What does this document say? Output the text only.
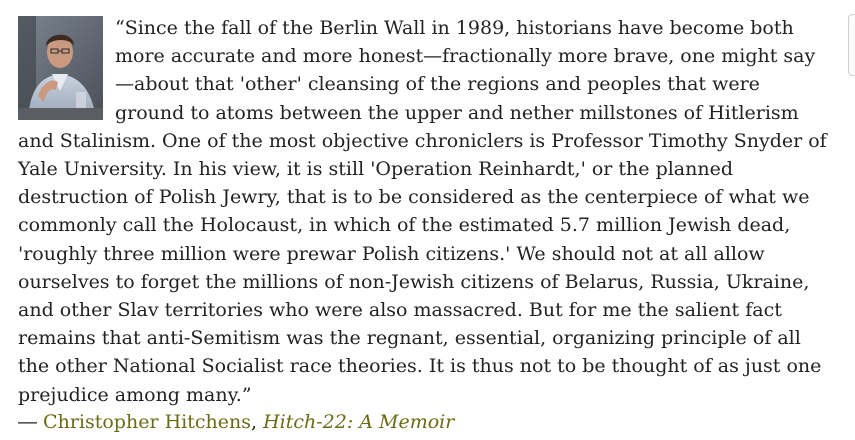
“Since the fall of the Berlin Wall in 1989, historians have become both more accurate and more honest—fractionally more brave, one might say—about that 'other' cleansing of the regions and peoples that were ground to atoms between the upper and nether millstones of Hitlerism and Stalinism. One of the most objective chroniclers is Professor Timothy Snyder of Yale University. In his view, it is still 'Operation Reinhardt,' or the planned destruction of Polish Jewry, that is to be considered as the centerpiece of what we commonly call the Holocaust, in which of the estimated 5.7 million Jewish dead, 'roughly three million were prewar Polish citizens.' We should not at all allow ourselves to forget the millions of non-Jewish citizens of Belarus, Russia, Ukraine, and other Slav territories who were also massacred. But for me the salient fact remains that anti-Semitism was the regnant, essential, organizing principle of all the other National Socialist race theories. It is thus not to be thought of as just one prejudice among many.”

― Christopher Hitchens, Hitch-22: A Memoir
